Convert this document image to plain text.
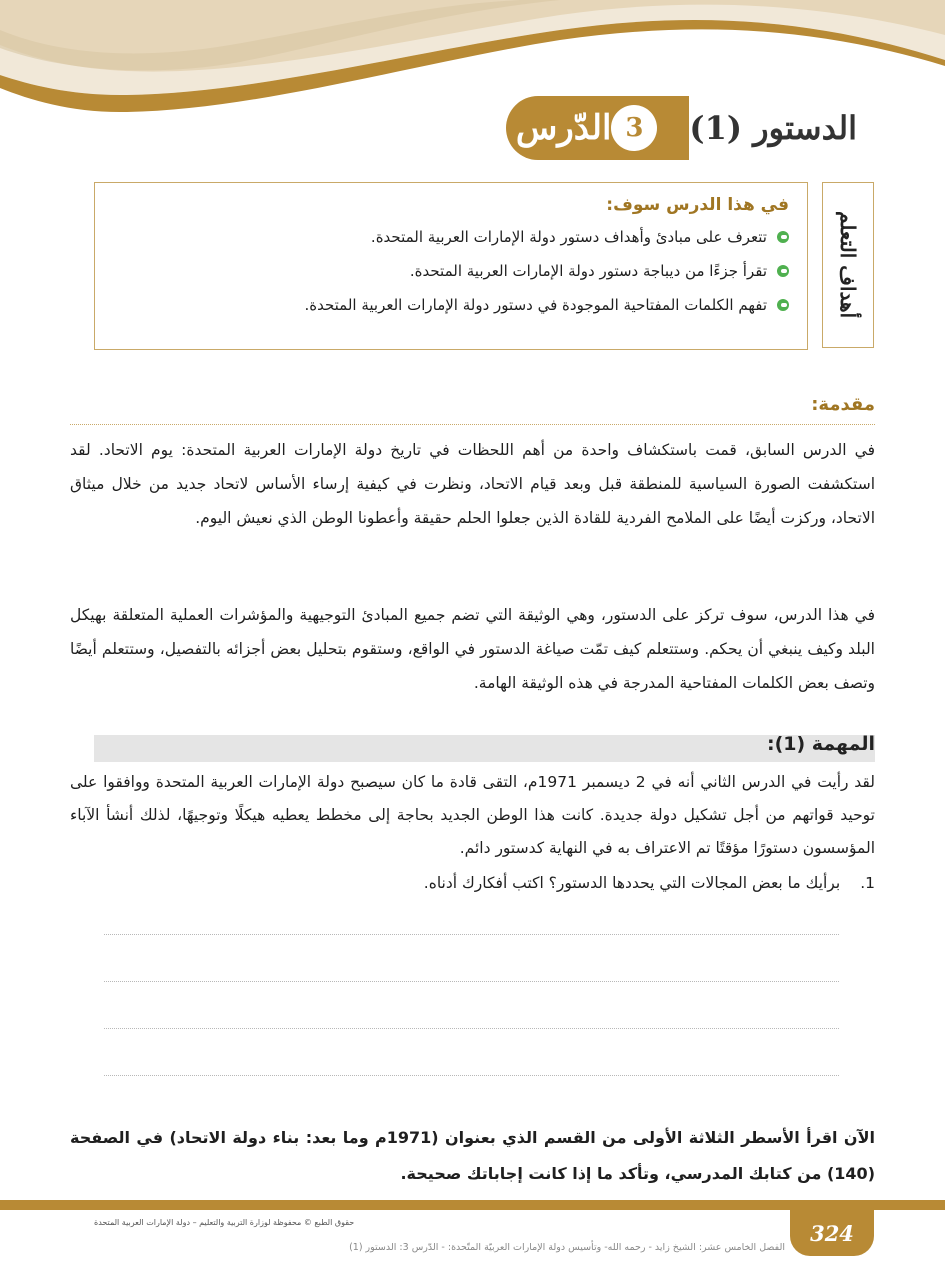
الدّرس 3	الدستور (1)
أهداف التعلم
في هذا الدرس سوف:
تتعرف على مبادئ وأهداف دستور دولة الإمارات العربية المتحدة.
تقرأ جزءًا من ديباجة دستور دولة الإمارات العربية المتحدة.
تفهم الكلمات المفتاحية الموجودة في دستور دولة الإمارات العربية المتحدة.
مقدمة:
في الدرس السابق، قمت باستكشاف واحدة من أهم اللحظات في تاريخ دولة الإمارات العربية المتحدة: يوم الاتحاد. لقد استكشفت الصورة السياسية للمنطقة قبل وبعد قيام الاتحاد، ونظرت في كيفية إرساء الأساس لاتحاد جديد من خلال ميثاق الاتحاد، وركزت أيضًا على الملامح الفردية للقادة الذين جعلوا الحلم حقيقة وأعطونا الوطن الذي نعيش اليوم.
في هذا الدرس، سوف تركز على الدستور، وهي الوثيقة التي تضم جميع المبادئ التوجيهية والمؤشرات العملية المتعلقة بهيكل البلد وكيف ينبغي أن يحكم. وستتعلم كيف تمّت صياغة الدستور في الواقع، وستقوم بتحليل بعض أجزائه بالتفصيل، وستتعلم أيضًا وتصف بعض الكلمات المفتاحية المدرجة في هذه الوثيقة الهامة.
المهمة (1):
لقد رأيت في الدرس الثاني أنه في 2 ديسمبر 1971م، التقى قادة ما كان سيصبح دولة الإمارات العربية المتحدة ووافقوا على توحيد قواتهم من أجل تشكيل دولة جديدة. كانت هذا الوطن الجديد بحاجة إلى مخطط يعطيه هيكلًا وتوجيهًا، لذلك أنشأ الآباء المؤسسون دستورًا مؤقتًا تم الاعتراف به في النهاية كدستور دائم.
1.برأيك ما بعض المجالات التي يحددها الدستور؟ اكتب أفكارك أدناه.
الآن اقرأ الأسطر الثلاثة الأولى من القسم الذي بعنوان (1971م وما بعد: بناء دولة الاتحاد) في الصفحة (140) من كتابك المدرسي، وتأكد ما إذا كانت إجاباتك صحيحة.
324
حقوق الطبع © محفوظة لوزارة التربية والتعليم – دولة الإمارات العربية المتحدة
الفصل الخامس عشر: الشيخ زايد - رحمه الله- وتأسيس دولة الإمارات العربيّة المتّحدة: - الدّرس 3: الدستور (1)
